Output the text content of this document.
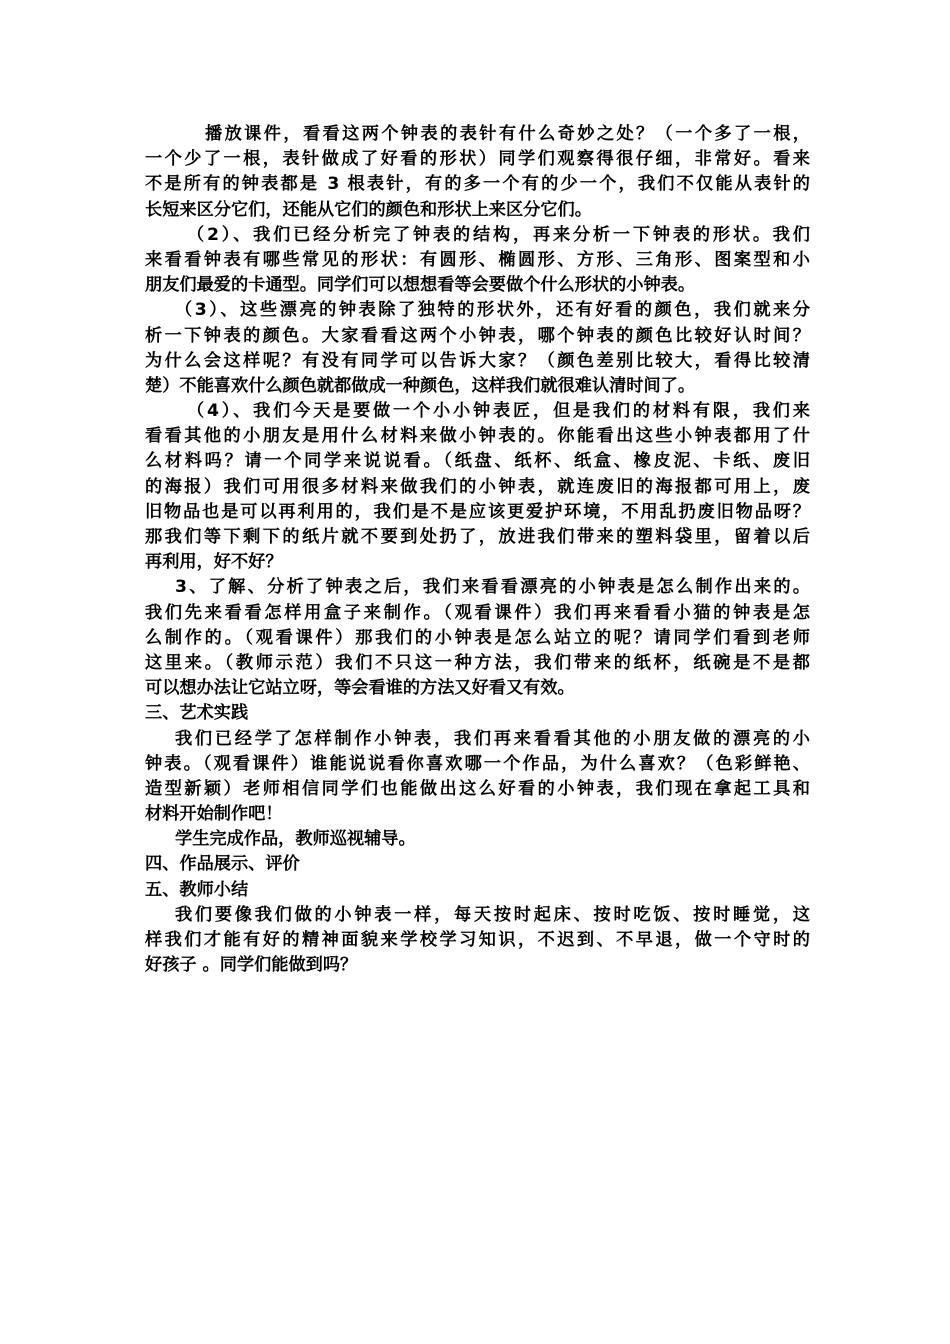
播放课件，看看这两个钟表的表针有什么奇妙之处？（一个多了一根，
一个少了一根，表针做成了好看的形状）同学们观察得很仔细，非常好。看来
不是所有的钟表都是 3 根表针，有的多一个有的少一个，我们不仅能从表针的
长短来区分它们，还能从它们的颜色和形状上来区分它们。
（2）、我们已经分析完了钟表的结构，再来分析一下钟表的形状。我们
来看看钟表有哪些常见的形状：有圆形、椭圆形、方形、三角形、图案型和小
朋友们最爱的卡通型。同学们可以想想看等会要做个什么形状的小钟表。
（3）、这些漂亮的钟表除了独特的形状外，还有好看的颜色，我们就来分
析一下钟表的颜色。大家看看这两个小钟表，哪个钟表的颜色比较好认时间？
为什么会这样呢？有没有同学可以告诉大家？（颜色差别比较大，看得比较清
楚）不能喜欢什么颜色就都做成一种颜色，这样我们就很难认清时间了。
（4）、我们今天是要做一个小小钟表匠，但是我们的材料有限，我们来
看看其他的小朋友是用什么材料来做小钟表的。你能看出这些小钟表都用了什
么材料吗？请一个同学来说说看。（纸盘、纸杯、纸盒、橡皮泥、卡纸、废旧
的海报）我们可用很多材料来做我们的小钟表，就连废旧的海报都可用上，废
旧物品也是可以再利用的，我们是不是应该更爱护环境，不用乱扔废旧物品呀？
那我们等下剩下的纸片就不要到处扔了，放进我们带来的塑料袋里，留着以后
再利用，好不好？
3、了解、分析了钟表之后，我们来看看漂亮的小钟表是怎么制作出来的。
我们先来看看怎样用盒子来制作。（观看课件）我们再来看看小猫的钟表是怎
么制作的。（观看课件）那我们的小钟表是怎么站立的呢？请同学们看到老师
这里来。（教师示范）我们不只这一种方法，我们带来的纸杯，纸碗是不是都
可以想办法让它站立呀，等会看谁的方法又好看又有效。
三、艺术实践
我们已经学了怎样制作小钟表，我们再来看看其他的小朋友做的漂亮的小
钟表。（观看课件）谁能说说看你喜欢哪一个作品，为什么喜欢？（色彩鲜艳、
造型新颖）老师相信同学们也能做出这么好看的小钟表，我们现在拿起工具和
材料开始制作吧！
学生完成作品，教师巡视辅导。
四、作品展示、评价
五、教师小结
我们要像我们做的小钟表一样，每天按时起床、按时吃饭、按时睡觉，这
样我们才能有好的精神面貌来学校学习知识，不迟到、不早退，做一个守时的
好孩子 。同学们能做到吗？
